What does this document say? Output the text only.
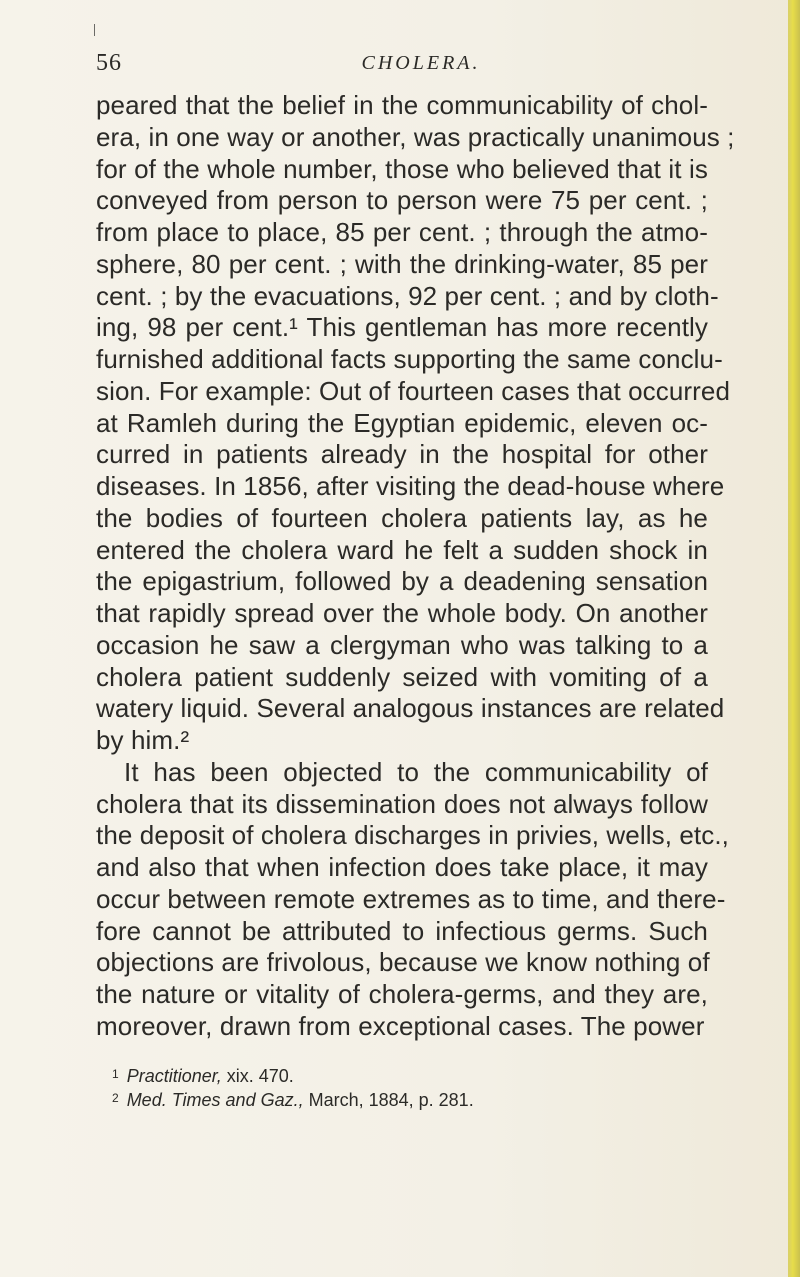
56	CHOLERA.
peared that the belief in the communicability of chol-
era, in one way or another, was practically unanimous ;
for of the whole number, those who believed that it is
conveyed from person to person were 75 per cent. ;
from place to place, 85 per cent. ; through the atmo-
sphere, 80 per cent. ; with the drinking-water, 85 per
cent. ; by the evacuations, 92 per cent. ; and by cloth-
ing, 98 per cent.¹ This gentleman has more recently
furnished additional facts supporting the same conclu-
sion. For example: Out of fourteen cases that occurred
at Ramleh during the Egyptian epidemic, eleven oc-
curred in patients already in the hospital for other
diseases. In 1856, after visiting the dead-house where
the bodies of fourteen cholera patients lay, as he
entered the cholera ward he felt a sudden shock in
the epigastrium, followed by a deadening sensation
that rapidly spread over the whole body. On another
occasion he saw a clergyman who was talking to a
cholera patient suddenly seized with vomiting of a
watery liquid. Several analogous instances are related
by him.²
It has been objected to the communicability of
cholera that its dissemination does not always follow
the deposit of cholera discharges in privies, wells, etc.,
and also that when infection does take place, it may
occur between remote extremes as to time, and there-
fore cannot be attributed to infectious germs. Such
objections are frivolous, because we know nothing of
the nature or vitality of cholera-germs, and they are,
moreover, drawn from exceptional cases. The power
$^1$ Practitioner, xix. 470.
$^2$ Med. Times and Gaz., March, 1884, p. 281.
